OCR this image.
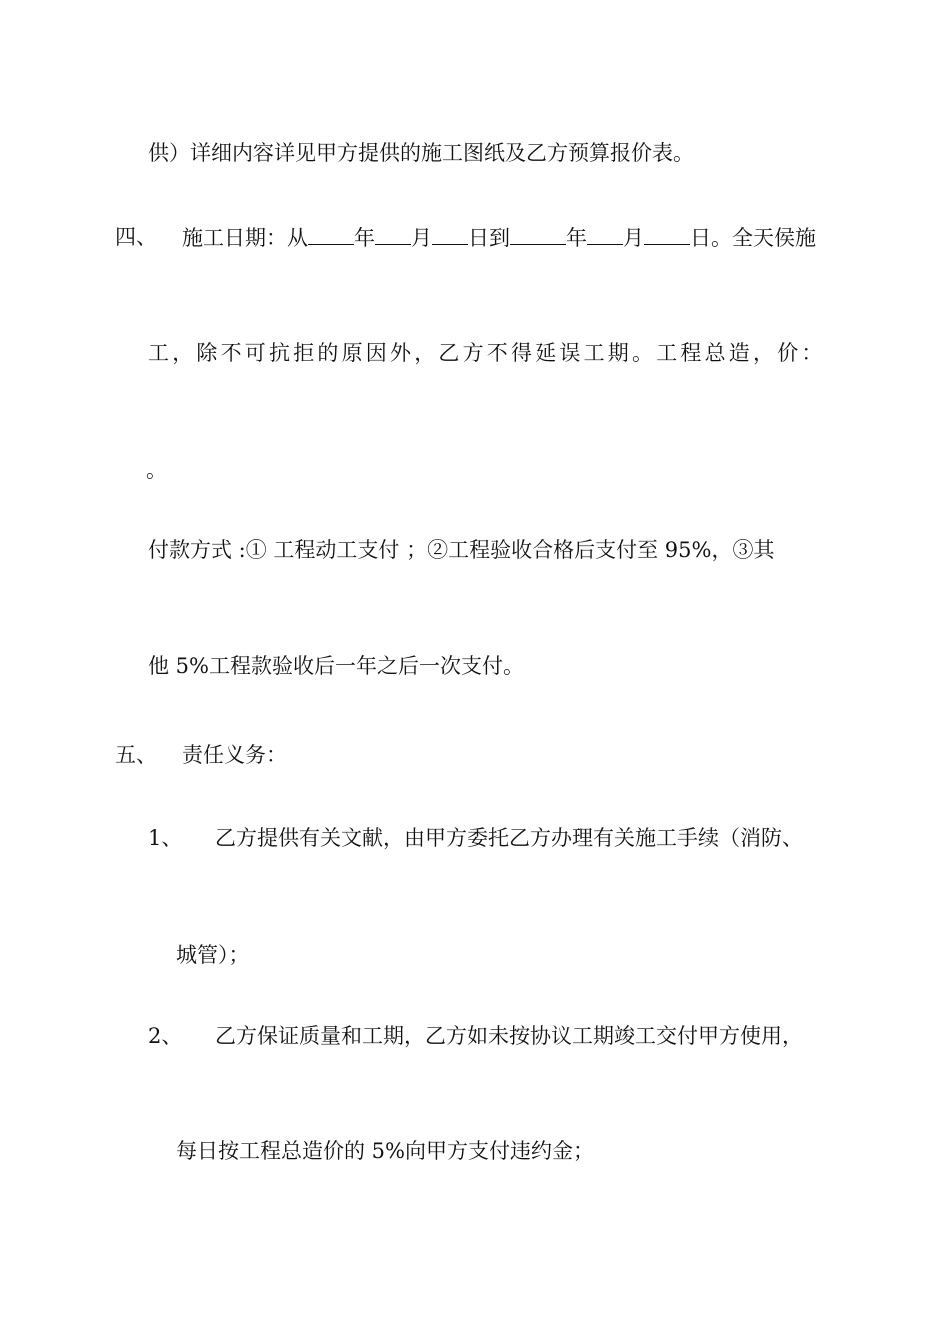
供）详细内容详见甲方提供的施工图纸及乙方预算报价表。
四、 施工日期：从 年 月 日到	年 月 日。全天侯施
工，除不可抗拒的原因外，乙方不得延误工期。工程总造，价：
。
付款方式 :① 工程动工支付 ；②工程验收合格后支付至 95%，③其
他 5%工程款验收后一年之后一次支付。
五、 责任义务：
1、 乙方提供有关文献，由甲方委托乙方办理有关施工手续（消防、
城管）；
2、 乙方保证质量和工期，乙方如未按协议工期竣工交付甲方使用，
每日按工程总造价的 5%向甲方支付违约金；
